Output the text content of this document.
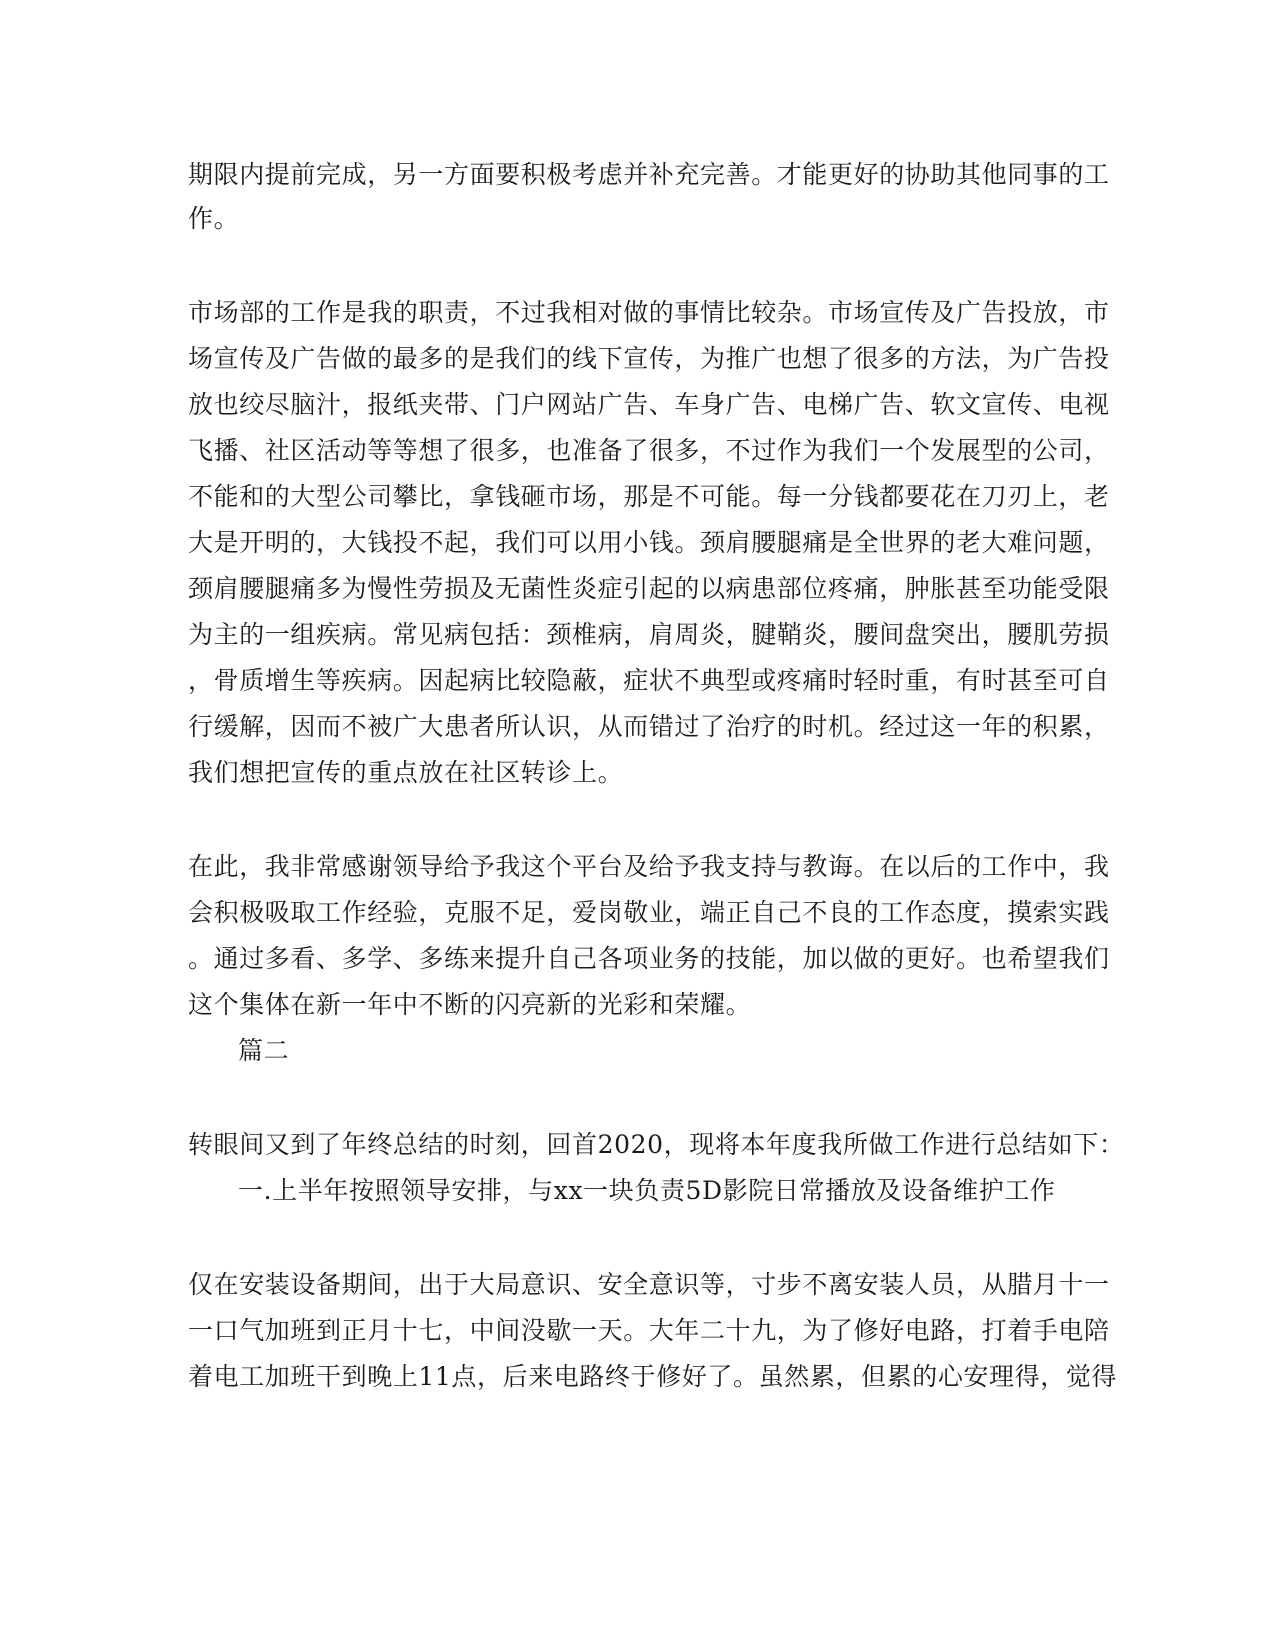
期限内提前完成，另一方面要积极考虑并补充完善。才能更好的协助其他同事的工

作。

市场部的工作是我的职责，不过我相对做的事情比较杂。市场宣传及广告投放，市

场宣传及广告做的最多的是我们的线下宣传，为推广也想了很多的方法，为广告投

放也绞尽脑汁，报纸夹带、门户网站广告、车身广告、电梯广告、软文宣传、电视

飞播、社区活动等等想了很多，也准备了很多，不过作为我们一个发展型的公司，

不能和的大型公司攀比，拿钱砸市场，那是不可能。每一分钱都要花在刀刃上，老

大是开明的，大钱投不起，我们可以用小钱。颈肩腰腿痛是全世界的老大难问题，

颈肩腰腿痛多为慢性劳损及无菌性炎症引起的以病患部位疼痛，肿胀甚至功能受限

为主的一组疾病。常见病包括：颈椎病，肩周炎，腱鞘炎，腰间盘突出，腰肌劳损

，骨质增生等疾病。因起病比较隐蔽，症状不典型或疼痛时轻时重，有时甚至可自

行缓解，因而不被广大患者所认识，从而错过了治疗的时机。经过这一年的积累，

我们想把宣传的重点放在社区转诊上。

在此，我非常感谢领导给予我这个平台及给予我支持与教诲。在以后的工作中，我

会积极吸取工作经验，克服不足，爱岗敬业，端正自己不良的工作态度，摸索实践

。通过多看、多学、多练来提升自己各项业务的技能，加以做的更好。也希望我们

这个集体在新一年中不断的闪亮新的光彩和荣耀。

篇二

转眼间又到了年终总结的时刻，回首2020，现将本年度我所做工作进行总结如下：

一.上半年按照领导安排，与xx一块负责5D影院日常播放及设备维护工作

仅在安装设备期间，出于大局意识、安全意识等，寸步不离安装人员，从腊月十一

一口气加班到正月十七，中间没歇一天。大年二十九，为了修好电路，打着手电陪

着电工加班干到晚上11点，后来电路终于修好了。虽然累，但累的心安理得，觉得
